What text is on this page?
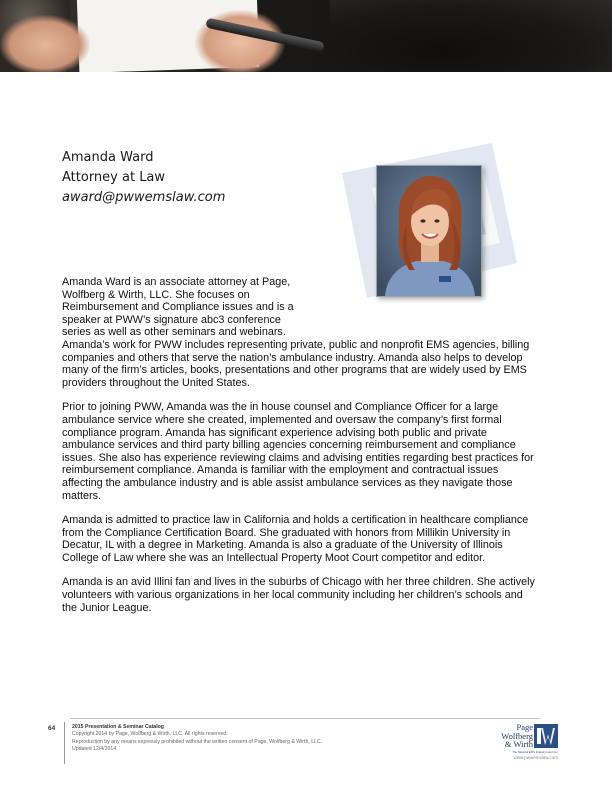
Amanda Ward
Attorney at Law
award@pwwemslaw.com

Amanda Ward is an associate attorney at Page,
Wolfberg & Wirth, LLC. She focuses on
Reimbursement and Compliance issues and is a
speaker at PWW’s signature abc3 conference
series as well as other seminars and webinars.
Amanda’s work for PWW includes representing private, public and nonprofit EMS agencies, billing companies and others that serve the nation’s ambulance industry. Amanda also helps to develop many of the firm’s articles, books, presentations and other programs that are widely used by EMS providers throughout the United States.

Prior to joining PWW, Amanda was the in house counsel and Compliance Officer for a large ambulance service where she created, implemented and oversaw the company’s first formal compliance program. Amanda has significant experience advising both public and private ambulance services and third party billing agencies concerning reimbursement and compliance issues. She also has experience reviewing claims and advising entities regarding best practices for reimbursement compliance. Amanda is familiar with the employment and contractual issues affecting the ambulance industry and is able assist ambulance services as they navigate those matters.

Amanda is admitted to practice law in California and holds a certification in healthcare compliance from the Compliance Certification Board. She graduated with honors from Millikin University in Decatur, IL with a degree in Marketing. Amanda is also a graduate of the University of Illinois College of Law where she was an Intellectual Property Moot Court competitor and editor.

Amanda is an avid Illini fan and lives in the suburbs of Chicago with her three children. She actively volunteers with various organizations in her local community including her children’s schools and the Junior League.

64	2015 Presentation & Seminar Catalog
Copyright 2014 by Page, Wolfberg & Wirth, LLC. All rights reserved.
Reproduction by any means expressly prohibited without the written consent of Page, Wolfberg & Wirth, LLC.
Updated 12/4/2014
Page
Wolfberg
& Wirth
The National EMS Industry Law Firm
www.pwwemslaw.com
